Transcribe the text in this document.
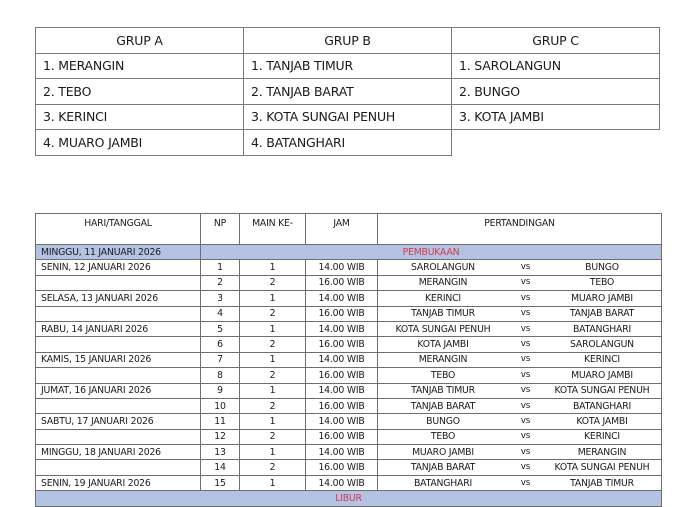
GRUP A	GRUP B	GRUP C
1. MERANGIN	1. TANJAB TIMUR	1. SAROLANGUN
2. TEBO	2. TANJAB BARAT	2. BUNGO
3. KERINCI	3. KOTA SUNGAI PENUH	3. KOTA JAMBI
4. MUARO JAMBI	4. BATANGHARI	
HARI/TANGGAL	NP	MAIN KE-	JAM	PERTANDINGAN
MINGGU, 11 JANUARI 2026	PEMBUKAAN			
SENIN, 12 JANUARI 2026	1	1	14.00 WIB	SAROLANGUN vs BUNGO

	2	2	16.00 WIB	MERANGIN vs TEBO

SELASA, 13 JANUARI 2026	3	1	14.00 WIB	KERINCI vs MUARO JAMBI

	4	2	16.00 WIB	TANJAB TIMUR vs TANJAB BARAT

RABU, 14 JANUARI 2026	5	1	14.00 WIB	KOTA SUNGAI PENUH vs BATANGHARI

	6	2	16.00 WIB	KOTA JAMBI vs SAROLANGUN

KAMIS, 15 JANUARI 2026	7	1	14.00 WIB	MERANGIN vs KERINCI

	8	2	16.00 WIB	TEBO vs MUARO JAMBI

JUMAT, 16 JANUARI 2026	9	1	14.00 WIB	TANJAB TIMUR vs KOTA SUNGAI PENUH

	10	2	16.00 WIB	TANJAB BARAT vs BATANGHARI

SABTU, 17 JANUARI 2026	11	1	14.00 WIB	BUNGO vs KOTA JAMBI

	12	2	16.00 WIB	TEBO vs KERINCI

MINGGU, 18 JANUARI 2026	13	1	14.00 WIB	MUARO JAMBI vs MERANGIN

	14	2	16.00 WIB	TANJAB BARAT vs KOTA SUNGAI PENUH

SENIN, 19 JANUARI 2026	15	1	14.00 WIB	BATANGHARI vs TANJAB TIMUR

LIBUR				
